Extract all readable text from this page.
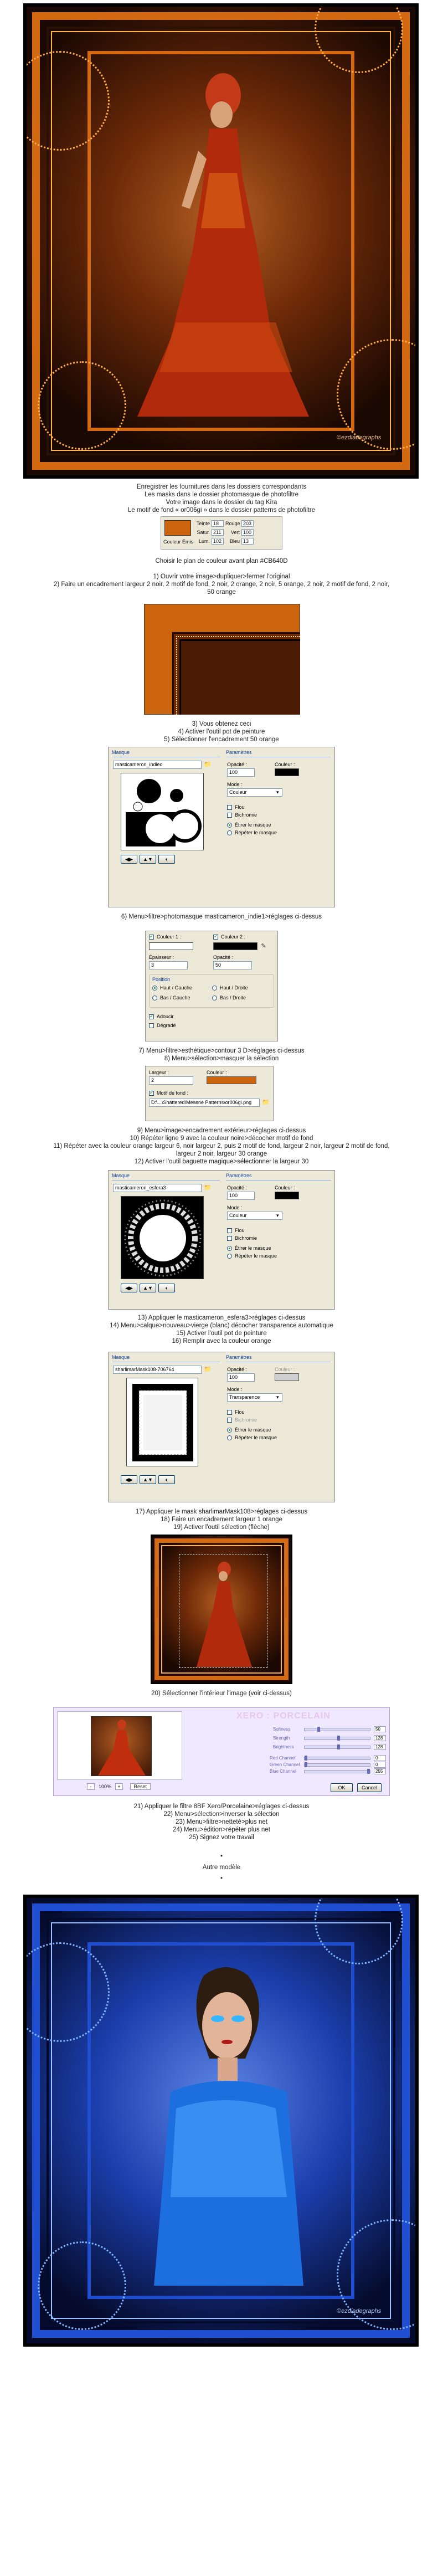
©ezdiadegraphs

Enregistrer les fournitures dans les dossiers correspondants

Les masks dans le dossier photomasque de photofiltre

Votre image dans le dossier du tag Kira

Le motif de fond « or006gi » dans le dossier patterns de photofiltre

Couleur Émis
Teinte 18	Rouge 203
Satur. 211	Vert 100
Lum. 102	Bleu 13

Choisir le plan de couleur avant plan #CB640D

1) Ouvrir votre image>dupliquer>fermer l'original

2) Faire un encadrement largeur 2 noir, 2 motif de fond, 2 noir, 2 orange, 2 noir, 5 orange, 2 noir, 2 motif de fond, 2 noir,

50 orange

3) Vous obtenez ceci

4) Activer l'outil pot de peinture

5) Sélectionner l'encadrement 50 orange

Masque	Paramètres
masticameron_indieo	📁
◀▶	▲▼	◐
Opacité :
100
Couleur :
Mode :
Couleur	▾
Flou
Bichromie
Étirer le masque
Répéter le masque

6) Menu>filtre>photomasque masticameron_indie1>réglages ci-dessus

✓
Couleur 1 : ✓	Couleur 2 :
✎
Épaisseur :
3
Opacité :
50
Position
Haut / Gauche	Haut / Droite
Bas / Gauche	Bas / Droite
✓
Adoucir
Dégradé

7) Menu>filtre>esthétique>contour 3 D>réglages ci-dessus

8) Menu>sélection>masquer la sélection

Largeur :
2
Couleur :
✓
Motif de fond :
D:\...\Shattered\Mesene Patterns\or006gi.png	📁

9) Menu>image>encadrement extérieur>réglages ci-dessus

10) Répéter ligne 9 avec la couleur noire>décocher motif de fond

11) Répéter avec la couleur orange largeur 6, noir largeur 2, puis 2 motif de fond, largeur 2 noir, largeur 2 motif de fond,

largeur 2 noir, largeur 30 orange

12) Activer l'outil baguette magique>sélectionner la largeur 30

Masque	Paramètres
masticameron_esfera3	📁
◀▶	▲▼	◐
Opacité :
100
Couleur :
Mode :
Couleur	▾
Flou
Bichromie
Étirer le masque
Répéter le masque

13) Appliquer le masticameron_esfera3>réglages ci-dessus

14) Menu>calque>nouveau>vierge (blanc) décocher transparence automatique

15) Activer l'outil pot de peinture

16) Remplir avec la couleur orange

Masque	Paramètres
sharlimarMask108-706764	📁
◀▶	▲▼	◐
Opacité :
100
Couleur :
Mode :
Transparence	▾
Flou
Bichromie
Étirer le masque
Répéter le masque

17) Appliquer le mask sharlimarMask108>réglages ci-dessus

18) Faire un encadrement largeur 1 orange

19) Activer l'outil sélection (flèche)

20) Sélectionner l'intérieur l'image (voir ci-dessus)

XERO : PORCELAIN
Softness	50
Strength	128
Brightness	128
Red Channel	0
Green Channel	0
Blue Channel	255
- 100% +	Reset	OK	Cancel

21) Appliquer le filtre 8BF Xero/Porcelaine>réglages ci-dessus

22) Menu>sélection>inverser la sélection

23) Menu>filtre>netteté>plus net

24) Menu>édition>répéter plus net

25) Signez votre travail

•

Autre modèle

•

©ezdiadegraphs
